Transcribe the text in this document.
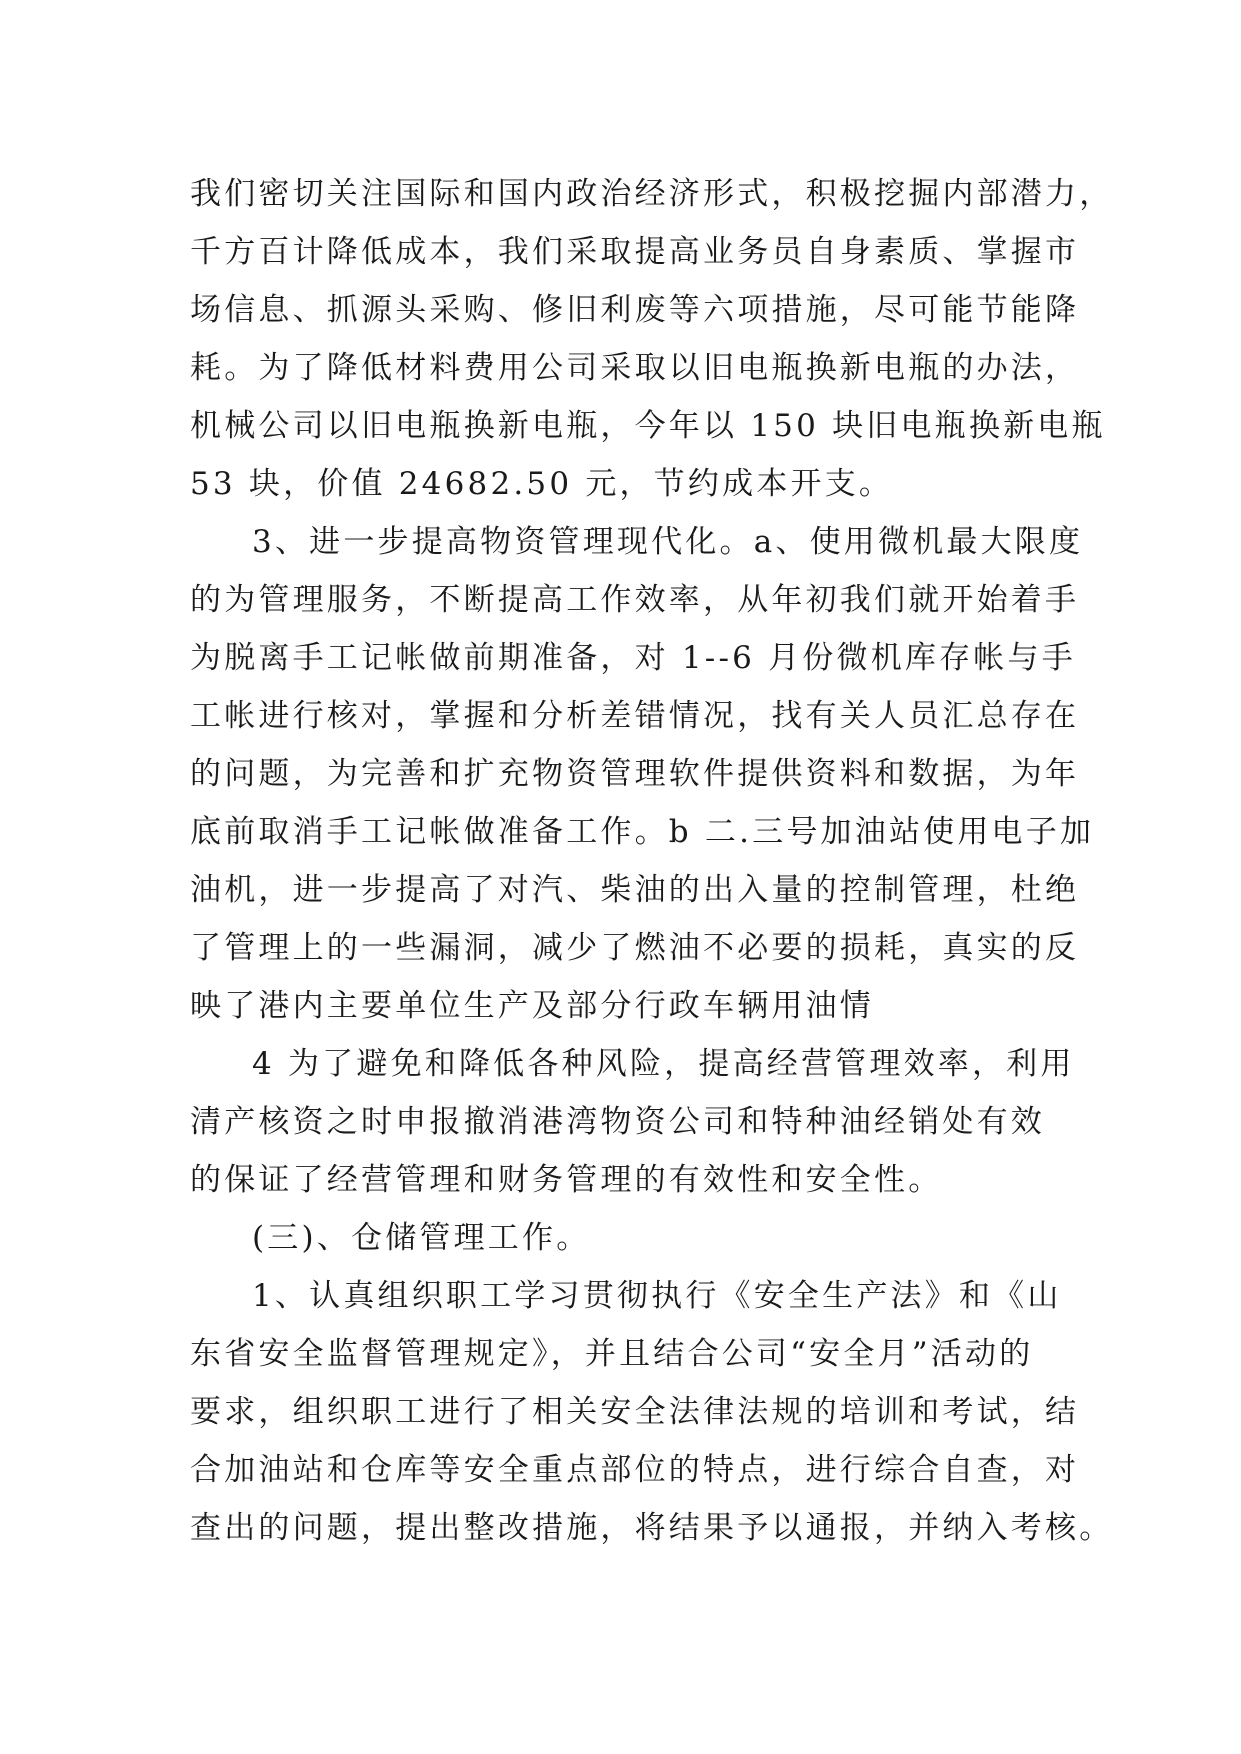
我们密切关注国际和国内政治经济形式，积极挖掘内部潜力，
千方百计降低成本，我们采取提高业务员自身素质、掌握市
场信息、抓源头采购、修旧利废等六项措施，尽可能节能降
耗。为了降低材料费用公司采取以旧电瓶换新电瓶的办法，
机械公司以旧电瓶换新电瓶，今年以 150 块旧电瓶换新电瓶
53 块，价值 24682.50 元，节约成本开支。
3、进一步提高物资管理现代化。a、使用微机最大限度
的为管理服务，不断提高工作效率，从年初我们就开始着手
为脱离手工记帐做前期准备，对 1--6 月份微机库存帐与手
工帐进行核对，掌握和分析差错情况，找有关人员汇总存在
的问题，为完善和扩充物资管理软件提供资料和数据，为年
底前取消手工记帐做准备工作。b 二.三号加油站使用电子加
油机，进一步提高了对汽、柴油的出入量的控制管理，杜绝
了管理上的一些漏洞，减少了燃油不必要的损耗，真实的反
映了港内主要单位生产及部分行政车辆用油情
4 为了避免和降低各种风险，提高经营管理效率，利用
清产核资之时申报撤消港湾物资公司和特种油经销处有效
的保证了经营管理和财务管理的有效性和安全性。
(三)、仓储管理工作。
1、认真组织职工学习贯彻执行《安全生产法》和《山
东省安全监督管理规定》，并且结合公司“安全月”活动的
要求，组织职工进行了相关安全法律法规的培训和考试，结
合加油站和仓库等安全重点部位的特点，进行综合自查，对
查出的问题，提出整改措施，将结果予以通报，并纳入考核。
